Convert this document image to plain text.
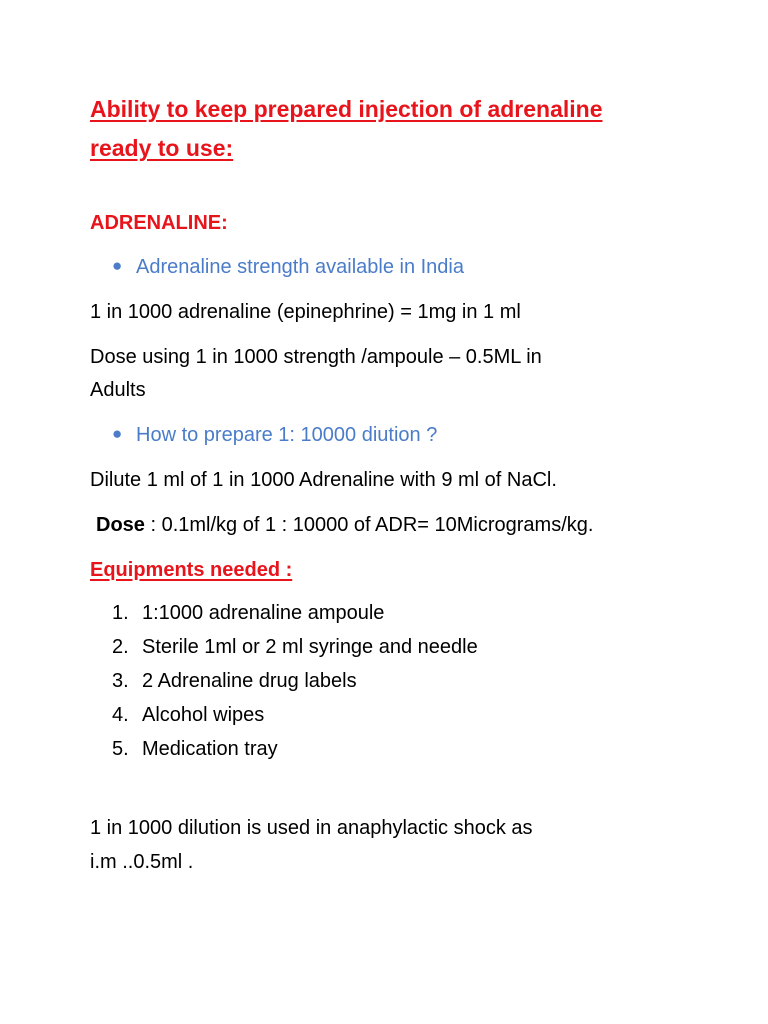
Ability to keep prepared injection of adrenaline
ready to use:
ADRENALINE:
● Adrenaline strength available in India
1 in 1000 adrenaline (epinephrine) = 1mg in 1 ml
Dose using 1 in 1000 strength /ampoule – 0.5ML in
Adults
● How to prepare 1: 10000 diution ?
Dilute 1 ml of 1 in 1000 Adrenaline with 9 ml of NaCl.
Dose : 0.1ml/kg of 1 : 10000 of ADR= 10Micrograms/kg.
Equipments needed :
1. 1:1000 adrenaline ampoule
2. Sterile 1ml or 2 ml syringe and needle
3. 2 Adrenaline drug labels
4. Alcohol wipes
5. Medication tray
1 in 1000 dilution is used in anaphylactic shock as
i.m ..0.5ml .
